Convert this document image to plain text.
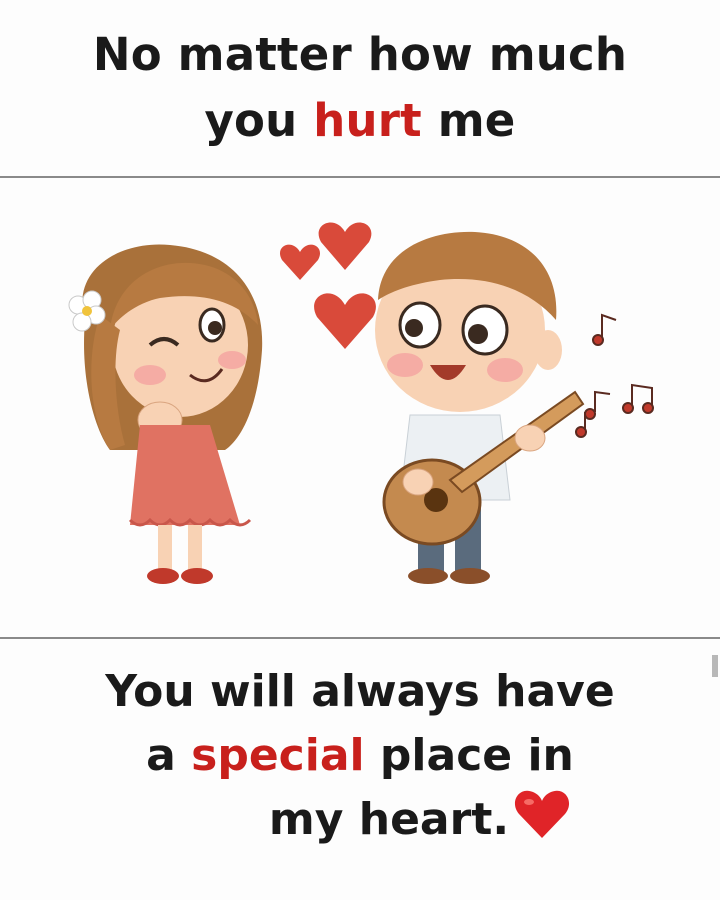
No matter how much
you hurt me
You will always have
a special place in
my heart.
